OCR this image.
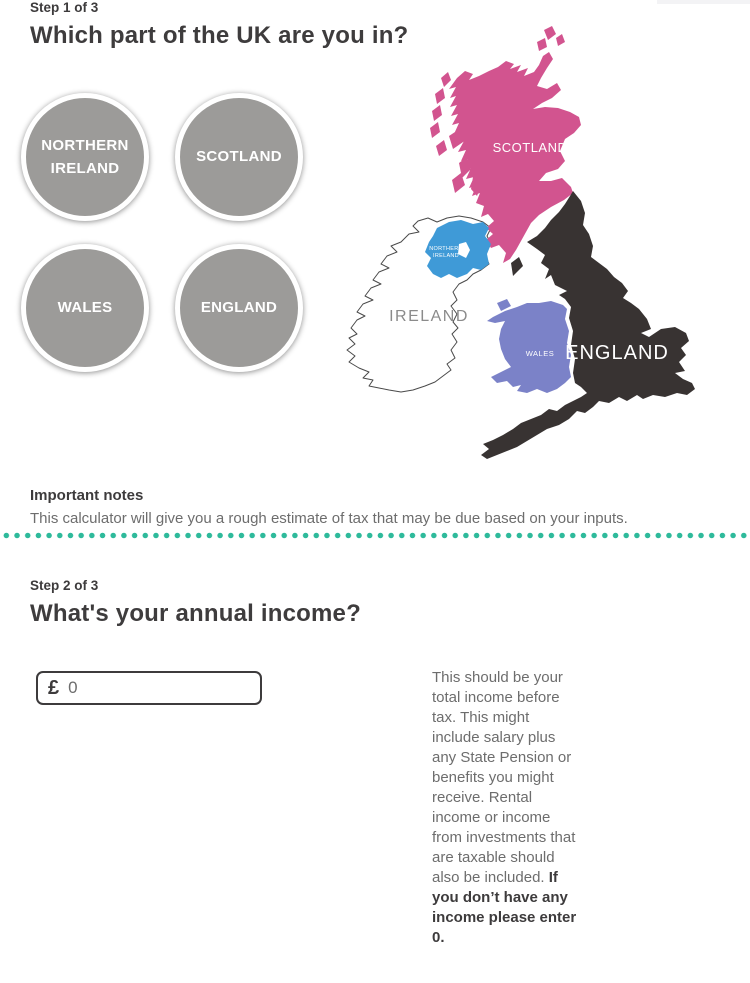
Step 1 of 3
Which part of the UK are you in?
NORTHERN IRELAND
SCOTLAND
WALES	ENGLAND
SCOTLAND
NORTHERN
IRELAND
IRELAND
WALES ENGLAND
Important notes
This calculator will give you a rough estimate of tax that may be due based on your inputs.
Step 2 of 3
What's your annual income?
£
0	This should be your total income before tax. This might include salary plus any State Pension or benefits you might receive. Rental income or income from investments that are taxable should also be included. If you don’t have any income please enter 0.
